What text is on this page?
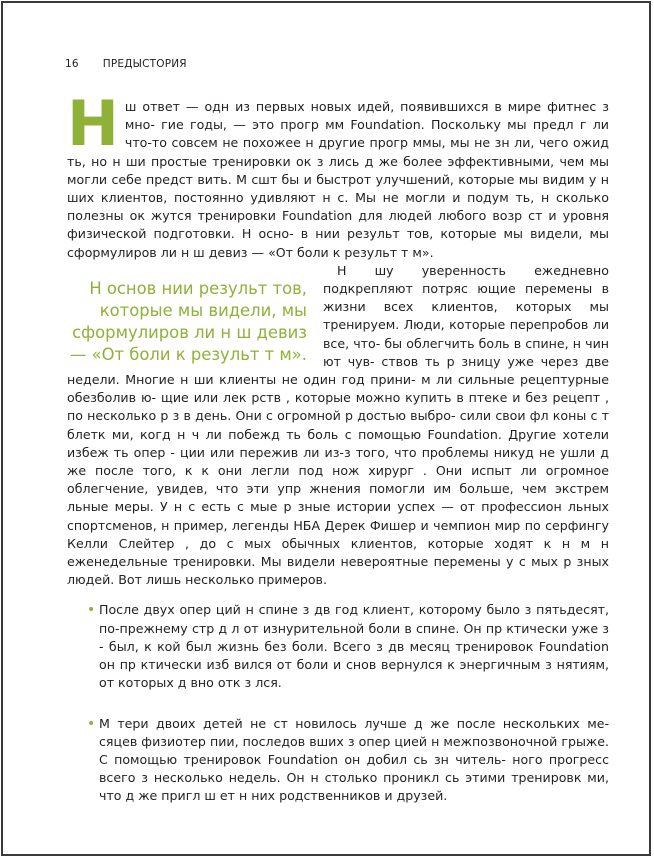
16 ПРЕДЫСТОРИЯ

Нш ответ — одн из первых новых идей, появившихся в мире фитнес з мно- гие годы, — это прогр мм Foundation. Поскольку мы предл г ли что-то совсем не похожее н другие прогр ммы, мы не зн ли, чего ожид ть, но н ши простые тренировки ок з лись д же более эффективными, чем мы могли себе предст вить. М сшт бы и быстрот улучшений, которые мы видим у н ших клиентов, постоянно удивляют н с. Мы не могли и подум ть, н сколько полезны ок жутся тренировки Foundation для людей любого возр ст и уровня физической подготовки. Н осно- в нии результ тов, которые мы видели, мы сформулиров ли н ш девиз — «От боли к результ т м».

Н основ нии результ тов, которые мы видели, мы сформулиров ли н ш девиз — «От боли к результ т м».
Н шу уверенность ежедневно подкрепляют потряс ющие перемены в жизни всех клиентов, которых мы тренируем. Люди, которые перепробов ли все, что- бы облегчить боль в спине, н чин ют чув- ствов ть р зницу уже через две недели. Многие н ши клиенты не один год прини- м ли сильные рецептурные обезболив ю- щие или лек рств , которые можно купить в птеке и без рецепт , по несколько р з в день. Они с огромной р достью выбро- сили свои фл коны с т блетк ми, когд н ч ли побежд ть боль с помощью Foundation. Другие хотели избеж ть опер - ции или пережив ли из-з того, что проблемы никуд не ушли д же после того, к к они легли под нож хирург . Они испыт ли огромное облегчение, увидев, что эти упр жнения помогли им больше, чем экстрем льные меры. У н с есть с мые р зные истории успех — от профессион льных спортсменов, н пример, легенды НБА Дерек Фишер и чемпион мир по серфингу Келли Слейтер , до с мых обычных клиентов, которые ходят к н м н еженедельные тренировки. Мы видели невероятные перемены у с мых р зных людей. Вот лишь несколько примеров.

• После двух опер ций н спине з дв год клиент, которому было з пятьдесят, по-прежнему стр д л от изнурительной боли в спине. Он пр ктически уже з - был, к кой был жизнь без боли. Всего з дв месяц тренировок Foundation он пр ктически изб вился от боли и снов вернулся к энергичным з нятиям, от которых д вно отк з лся.
• М тери двоих детей не ст новилось лучше д же после нескольких ме- сяцев физиотер пии, последов вших з опер цией н межпозвоночной грыже. С помощью тренировок Foundation он добил сь зн читель- ного прогресс всего з несколько недель. Он н столько проникл сь этими тренировк ми, что д же пригл ш ет н них родственников и друзей.
